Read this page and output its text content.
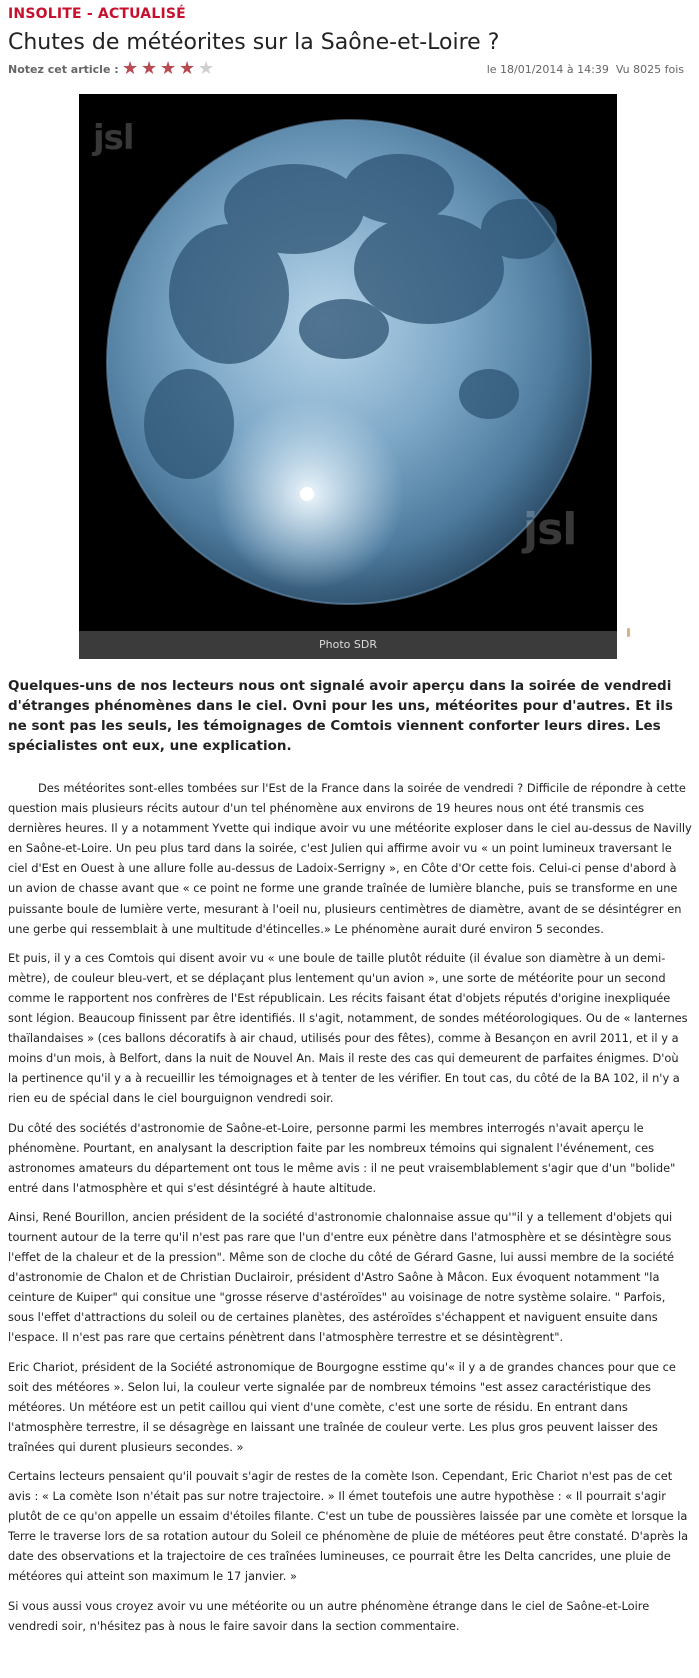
INSOLITE - ACTUALISÉ
Chutes de météorites sur la Saône-et-Loire ?
Notez cet article : ★ ★ ★ ★ ★	le 18/01/2014 à 14:39 Vu 8025 fois
jsl
jsl
Photo SDR
Quelques-uns de nos lecteurs nous ont signalé avoir aperçu dans la soirée de vendredi d'étranges phénomènes dans le ciel. Ovni pour les uns, météorites pour d'autres. Et ils ne sont pas les seuls, les témoignages de Comtois viennent conforter leurs dires. Les spécialistes ont eux, une explication.

Des météorites sont-elles tombées sur l'Est de la France dans la soirée de vendredi ? Difficile de répondre à cette question mais plusieurs récits autour d'un tel phénomène aux environs de 19 heures nous ont été transmis ces dernières heures. Il y a notamment Yvette qui indique avoir vu une météorite exploser dans le ciel au-dessus de Navilly en Saône-et-Loire. Un peu plus tard dans la soirée, c'est Julien qui affirme avoir vu « un point lumineux traversant le ciel d'Est en Ouest à une allure folle au-dessus de Ladoix-Serrigny », en Côte d'Or cette fois. Celui-ci pense d'abord à un avion de chasse avant que « ce point ne forme une grande traînée de lumière blanche, puis se transforme en une puissante boule de lumière verte, mesurant à l'oeil nu, plusieurs centimètres de diamètre, avant de se désintégrer en une gerbe qui ressemblait à une multitude d'étincelles.» Le phénomène aurait duré environ 5 secondes.

Et puis, il y a ces Comtois qui disent avoir vu « une boule de taille plutôt réduite (il évalue son diamètre à un demi-mètre), de couleur bleu-vert, et se déplaçant plus lentement qu'un avion », une sorte de météorite pour un second comme le rapportent nos confrères de l'Est républicain. Les récits faisant état d'objets réputés d'origine inexpliquée sont légion. Beaucoup finissent par être identifiés. Il s'agit, notamment, de sondes météorologiques. Ou de « lanternes thaïlandaises » (ces ballons décoratifs à air chaud, utilisés pour des fêtes), comme à Besançon en avril 2011, et il y a moins d'un mois, à Belfort, dans la nuit de Nouvel An. Mais il reste des cas qui demeurent de parfaites énigmes. D'où la pertinence qu'il y a à recueillir les témoignages et à tenter de les vérifier. En tout cas, du côté de la BA 102, il n'y a rien eu de spécial dans le ciel bourguignon vendredi soir.

Du côté des sociétés d'astronomie de Saône-et-Loire, personne parmi les membres interrogés n'avait aperçu le phénomène. Pourtant, en analysant la description faite par les nombreux témoins qui signalent l'événement, ces astronomes amateurs du département ont tous le même avis : il ne peut vraisemblablement s'agir que d'un "bolide" entré dans l'atmosphère et qui s'est désintégré à haute altitude.

Ainsi, René Bourillon, ancien président de la société d'astronomie chalonnaise assue qu'"il y a tellement d'objets qui tournent autour de la terre qu'il n'est pas rare que l'un d'entre eux pénètre dans l'atmosphère et se désintègre sous l'effet de la chaleur et de la pression". Même son de cloche du côté de Gérard Gasne, lui aussi membre de la société d'astronomie de Chalon et de Christian Duclairoir, président d'Astro Saône à Mâcon. Eux évoquent notamment "la ceinture de Kuiper" qui consitue une "grosse réserve d'astéroïdes" au voisinage de notre système solaire. " Parfois, sous l'effet d'attractions du soleil ou de certaines planètes, des astéroïdes s'échappent et naviguent ensuite dans l'espace. Il n'est pas rare que certains pénètrent dans l'atmosphère terrestre et se désintègrent".

Eric Chariot, président de la Société astronomique de Bourgogne esstime qu'« il y a de grandes chances pour que ce soit des météores ». Selon lui, la couleur verte signalée par de nombreux témoins "est assez caractéristique des météores. Un météore est un petit caillou qui vient d'une comète, c'est une sorte de résidu. En entrant dans l'atmosphère terrestre, il se désagrège en laissant une traînée de couleur verte. Les plus gros peuvent laisser des traînées qui durent plusieurs secondes. »

Certains lecteurs pensaient qu'il pouvait s'agir de restes de la comète Ison. Cependant, Eric Chariot n'est pas de cet avis : « La comète Ison n'était pas sur notre trajectoire. » Il émet toutefois une autre hypothèse : « Il pourrait s'agir plutôt de ce qu'on appelle un essaim d'étoiles filante. C'est un tube de poussières laissée par une comète et lorsque la Terre le traverse lors de sa rotation autour du Soleil ce phénomène de pluie de météores peut être constaté. D'après la date des observations et la trajectoire de ces traînées lumineuses, ce pourrait être les Delta cancrides, une pluie de météores qui atteint son maximum le 17 janvier. »

Si vous aussi vous croyez avoir vu une météorite ou un autre phénomène étrange dans le ciel de Saône-et-Loire vendredi soir, n'hésitez pas à nous le faire savoir dans la section commentaire.
